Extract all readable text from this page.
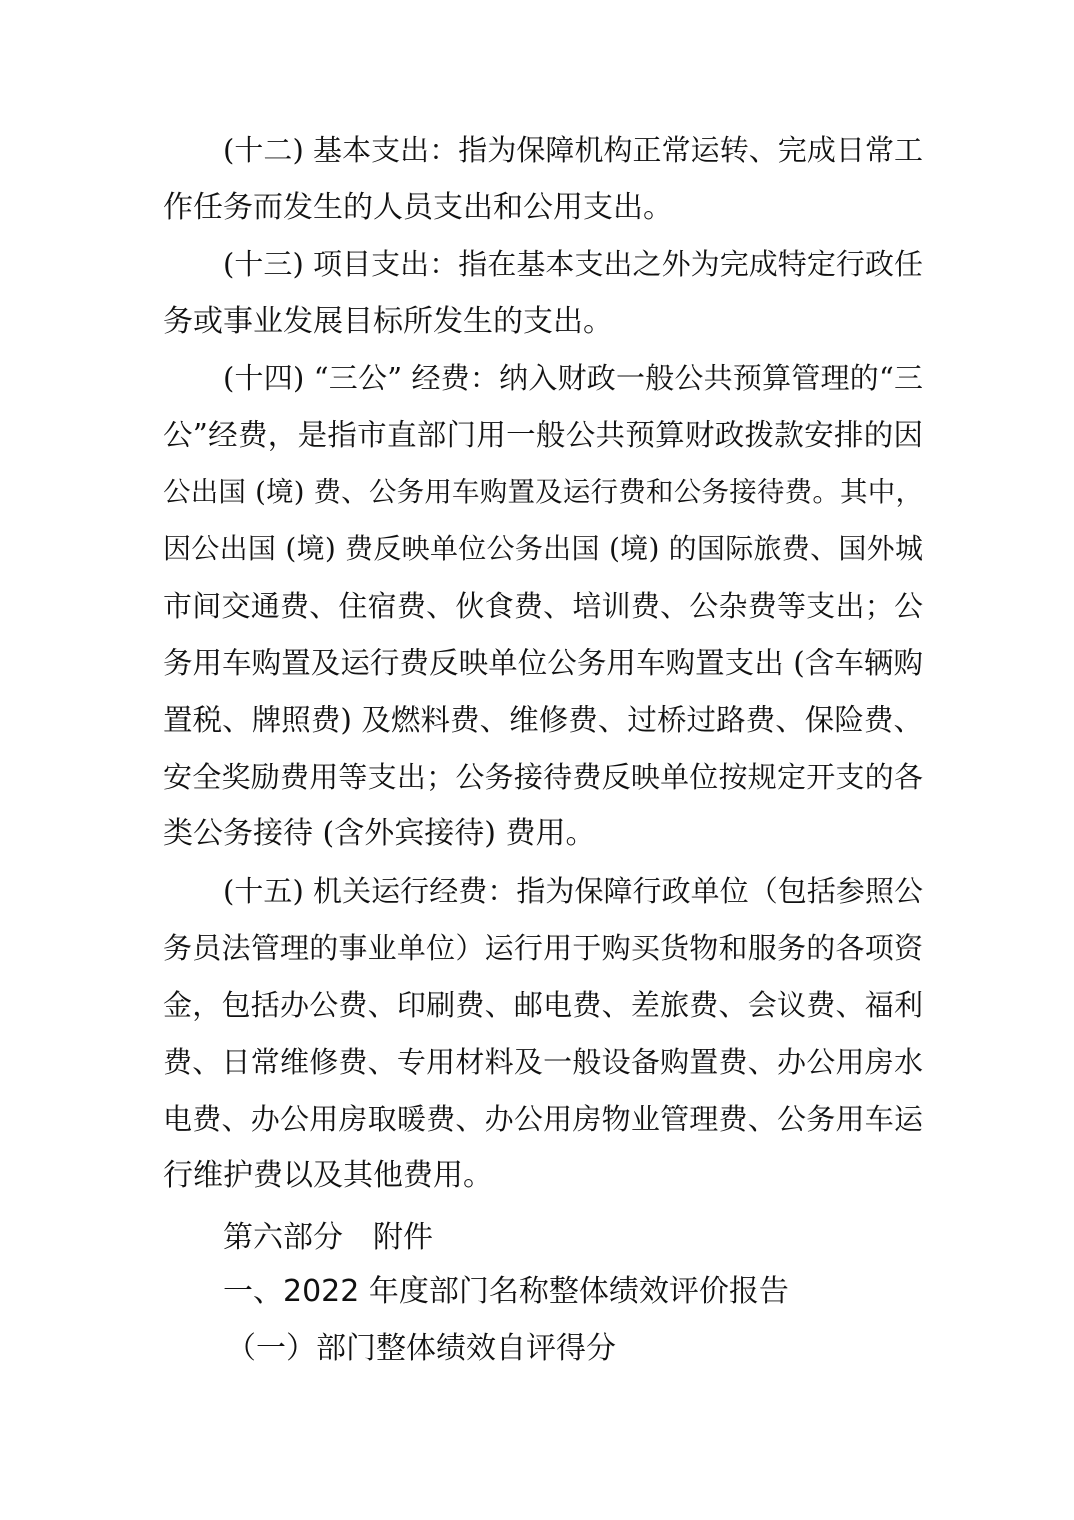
(十二) 基本支出：指为保障机构正常运转、完成日常工
作任务而发生的人员支出和公用支出。
(十三) 项目支出：指在基本支出之外为完成特定行政任
务或事业发展目标所发生的支出。
(十四) “三公” 经费：纳入财政一般公共预算管理的“三
公”经费，是指市直部门用一般公共预算财政拨款安排的因
公出国 (境) 费、公务用车购置及运行费和公务接待费。其中，
因公出国 (境) 费反映单位公务出国 (境) 的国际旅费、国外城
市间交通费、住宿费、伙食费、培训费、公杂费等支出；公
务用车购置及运行费反映单位公务用车购置支出 (含车辆购
置税、牌照费) 及燃料费、维修费、过桥过路费、保险费、
安全奖励费用等支出；公务接待费反映单位按规定开支的各
类公务接待 (含外宾接待) 费用。
(十五) 机关运行经费：指为保障行政单位（包括参照公
务员法管理的事业单位）运行用于购买货物和服务的各项资
金，包括办公费、印刷费、邮电费、差旅费、会议费、福利
费、日常维修费、专用材料及一般设备购置费、办公用房水
电费、办公用房取暖费、办公用房物业管理费、公务用车运
行维护费以及其他费用。
第六部分　附件
一、2022 年度部门名称整体绩效评价报告
（一）部门整体绩效自评得分
